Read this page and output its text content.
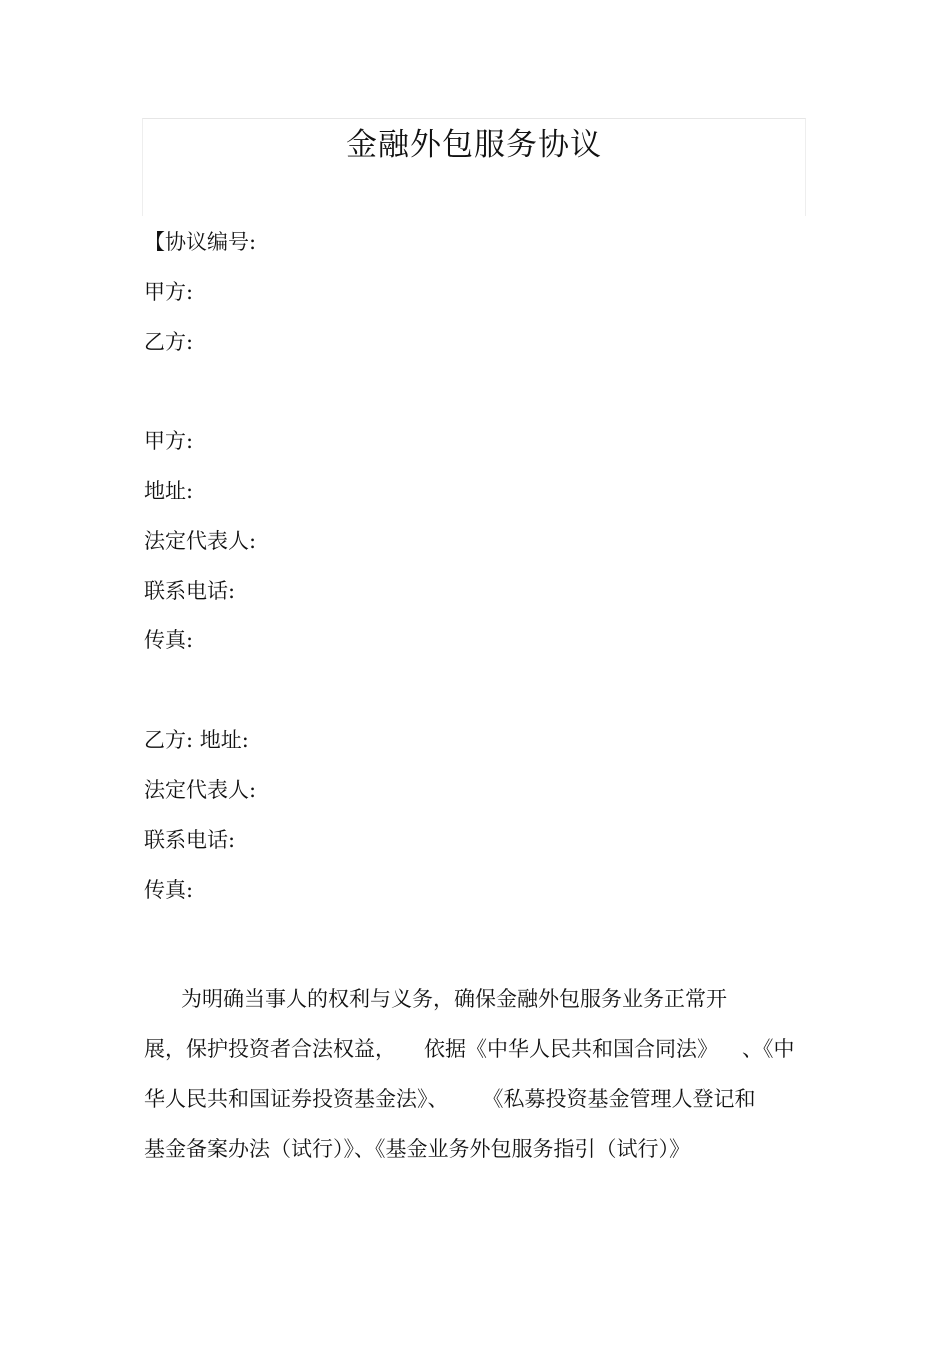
金融外包服务协议
【协议编号:
甲方:
乙方:
甲方:
地址:
法定代表人:
联系电话:
传真:
乙方: 地址:
法定代表人:
联系电话:
传真:
为明确当事人的权利与义务，确保金融外包服务业务正常开
展，保护投资者合法权益， 依据《中华人民共和国合同法》 、《中
华人民共和国证券投资基金法》、 《私募投资基金管理人登记和
基金备案办法（试行）》、《基金业务外包服务指引（试行）》
